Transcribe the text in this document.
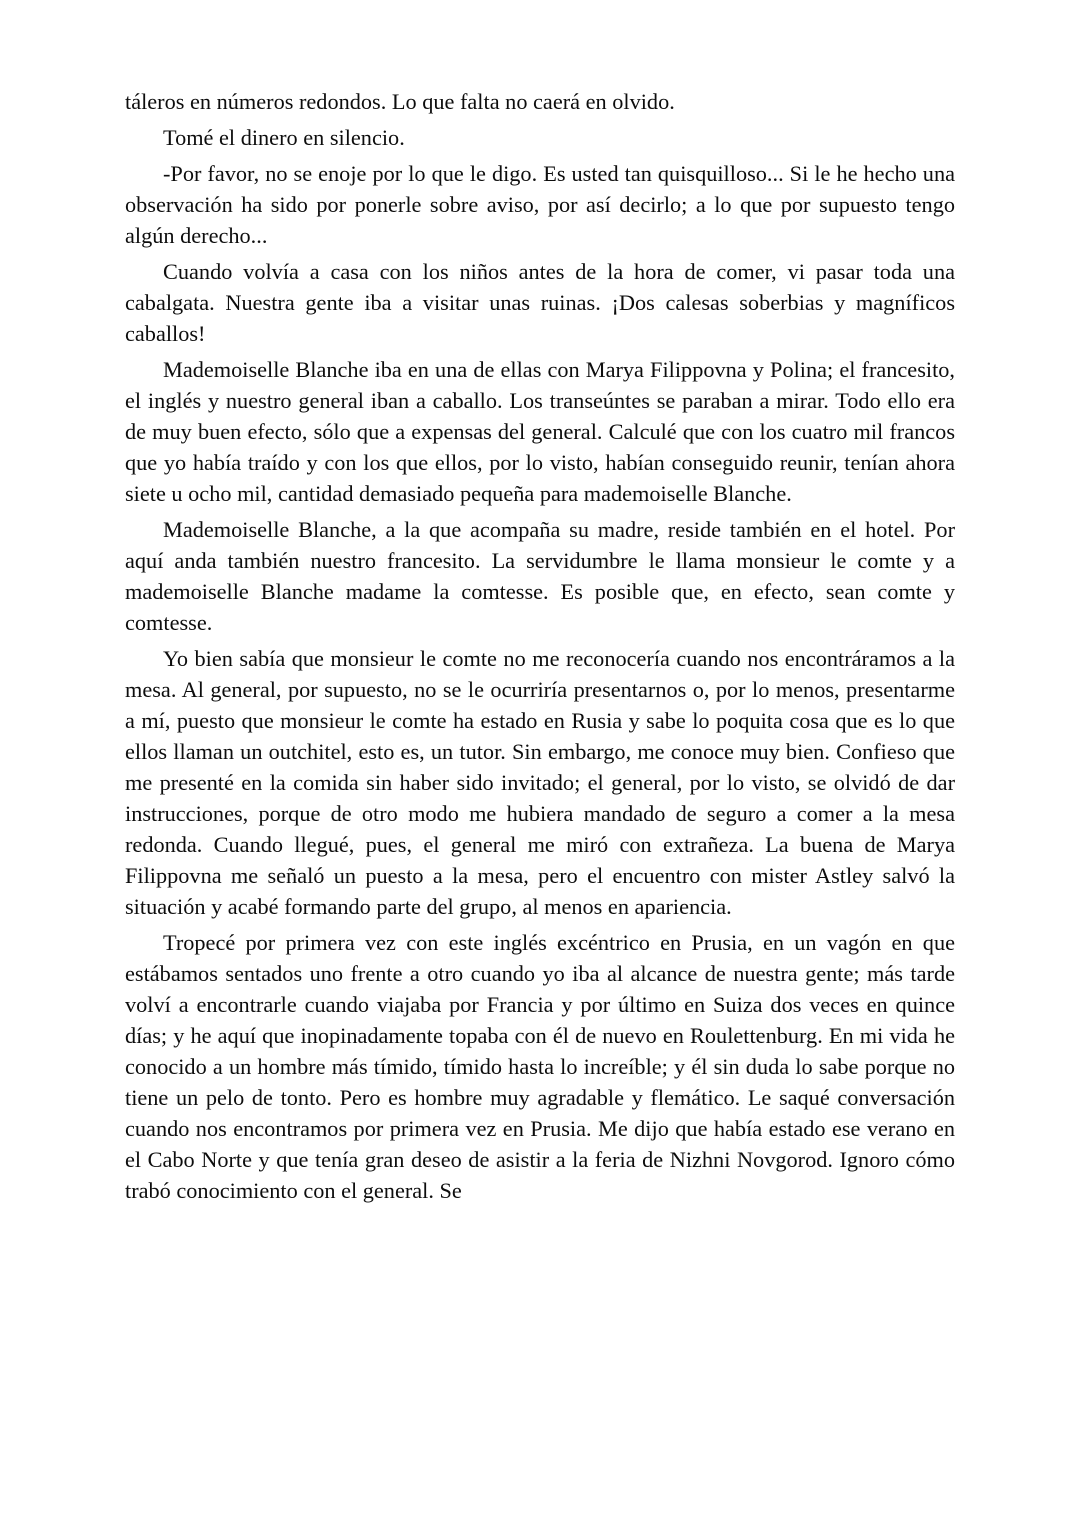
táleros en números redondos. Lo que falta no caerá en olvido.

Tomé el dinero en silencio.

-Por favor, no se enoje por lo que le digo. Es usted tan quisquilloso... Si le he hecho una observación ha sido por ponerle sobre aviso, por así decirlo; a lo que por supuesto tengo algún derecho...

Cuando volvía a casa con los niños antes de la hora de comer, vi pasar toda una cabalgata. Nuestra gente iba a visitar unas ruinas. ¡Dos calesas soberbias y magníficos caballos!

Mademoiselle Blanche iba en una de ellas con Marya Filippovna y Polina; el francesito, el inglés y nuestro general iban a caballo. Los transeúntes se paraban a mirar. Todo ello era de muy buen efecto, sólo que a expensas del general. Calculé que con los cuatro mil francos que yo había traído y con los que ellos, por lo visto, habían conseguido reunir, tenían ahora siete u ocho mil, cantidad demasiado pequeña para mademoiselle Blanche.

Mademoiselle Blanche, a la que acompaña su madre, reside también en el hotel. Por aquí anda también nuestro francesito. La servidumbre le llama monsieur le comte y a mademoiselle Blanche madame la comtesse. Es posible que, en efecto, sean comte y comtesse.

Yo bien sabía que monsieur le comte no me reconocería cuando nos encontráramos a la mesa. Al general, por supuesto, no se le ocurriría presentarnos o, por lo menos, presentarme a mí, puesto que monsieur le comte ha estado en Rusia y sabe lo poquita cosa que es lo que ellos llaman un outchitel, esto es, un tutor. Sin embargo, me conoce muy bien. Confieso que me presenté en la comida sin haber sido invitado; el general, por lo visto, se olvidó de dar instrucciones, porque de otro modo me hubiera mandado de seguro a comer a la mesa redonda. Cuando llegué, pues, el general me miró con extrañeza. La buena de Marya Filippovna me señaló un puesto a la mesa, pero el encuentro con mister Astley salvó la situación y acabé formando parte del grupo, al menos en apariencia.

Tropecé por primera vez con este inglés excéntrico en Prusia, en un vagón en que estábamos sentados uno frente a otro cuando yo iba al alcance de nuestra gente; más tarde volví a encontrarle cuando viajaba por Francia y por último en Suiza dos veces en quince días; y he aquí que inopinadamente topaba con él de nuevo en Roulettenburg. En mi vida he conocido a un hombre más tímido, tímido hasta lo increíble; y él sin duda lo sabe porque no tiene un pelo de tonto. Pero es hombre muy agradable y flemático. Le saqué conversación cuando nos encontramos por primera vez en Prusia. Me dijo que había estado ese verano en el Cabo Norte y que tenía gran deseo de asistir a la feria de Nizhni Novgorod. Ignoro cómo trabó conocimiento con el general. Se
